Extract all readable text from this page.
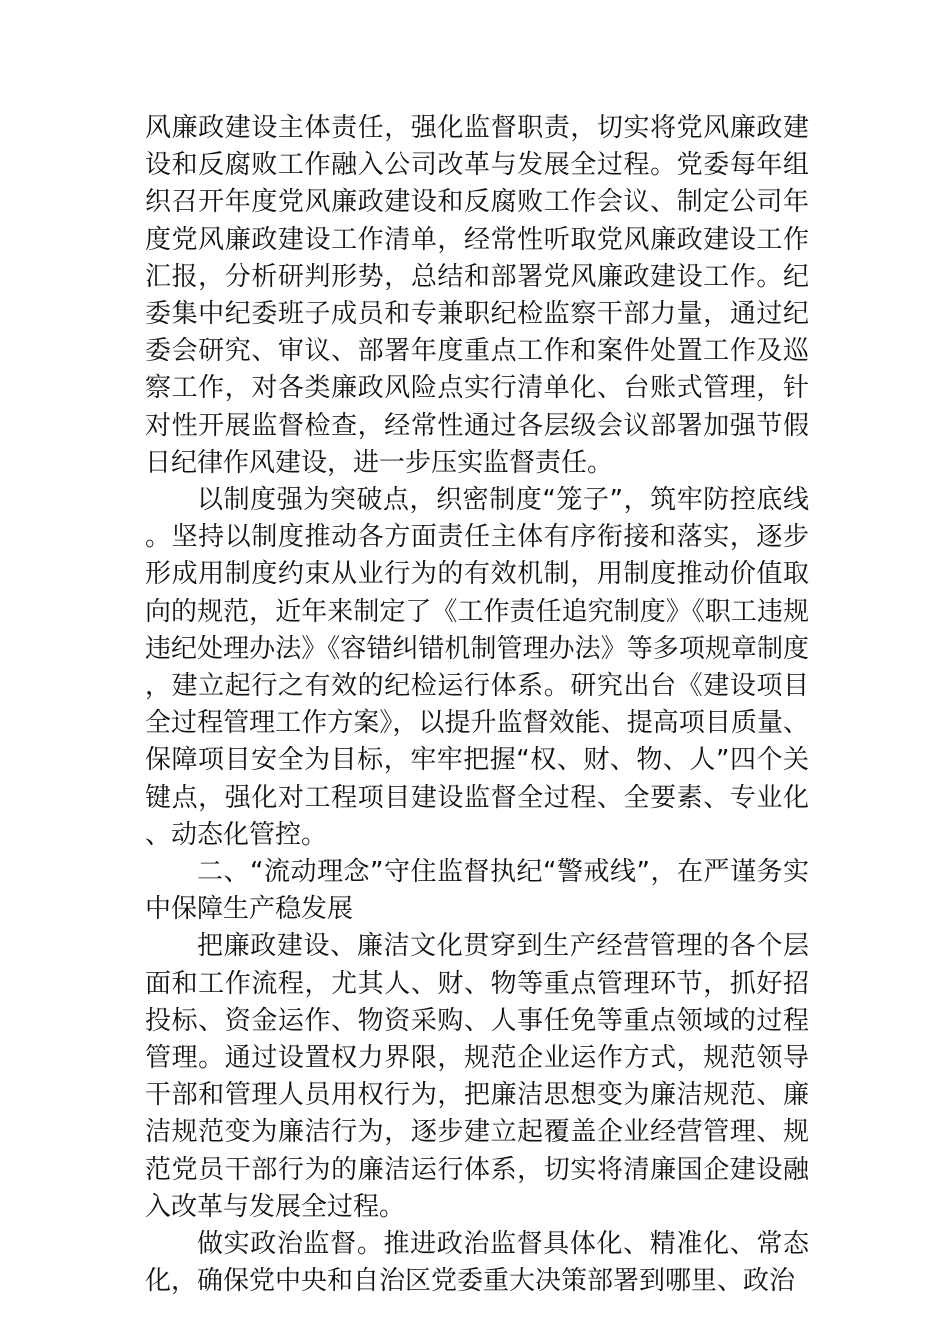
风廉政建设主体责任，强化监督职责，切实将党风廉政建设和反腐败工作融入公司改革与发展全过程。党委每年组织召开年度党风廉政建设和反腐败工作会议、制定公司年度党风廉政建设工作清单，经常性听取党风廉政建设工作汇报，分析研判形势，总结和部署党风廉政建设工作。纪委集中纪委班子成员和专兼职纪检监察干部力量，通过纪委会研究、审议、部署年度重点工作和案件处置工作及巡察工作，对各类廉政风险点实行清单化、台账式管理，针对性开展监督检查，经常性通过各层级会议部署加强节假日纪律作风建设，进一步压实监督责任。

以制度强为突破点，织密制度“笼子”，筑牢防控底线。坚持以制度推动各方面责任主体有序衔接和落实，逐步形成用制度约束从业行为的有效机制，用制度推动价值取向的规范，近年来制定了《工作责任追究制度》《职工违规违纪处理办法》《容错纠错机制管理办法》等多项规章制度，建立起行之有效的纪检运行体系。研究出台《建设项目全过程管理工作方案》，以提升监督效能、提高项目质量、保障项目安全为目标，牢牢把握“权、财、物、人”四个关键点，强化对工程项目建设监督全过程、全要素、专业化、动态化管控。

二、“流动理念”守住监督执纪“警戒线”，在严谨务实中保障生产稳发展

把廉政建设、廉洁文化贯穿到生产经营管理的各个层面和工作流程，尤其人、财、物等重点管理环节，抓好招投标、资金运作、物资采购、人事任免等重点领域的过程管理。通过设置权力界限，规范企业运作方式，规范领导干部和管理人员用权行为，把廉洁思想变为廉洁规范、廉洁规范变为廉洁行为，逐步建立起覆盖企业经营管理、规范党员干部行为的廉洁运行体系，切实将清廉国企建设融入改革与发展全过程。

做实政治监督。推进政治监督具体化、精准化、常态化，确保党中央和自治区党委重大决策部署到哪里、政治
